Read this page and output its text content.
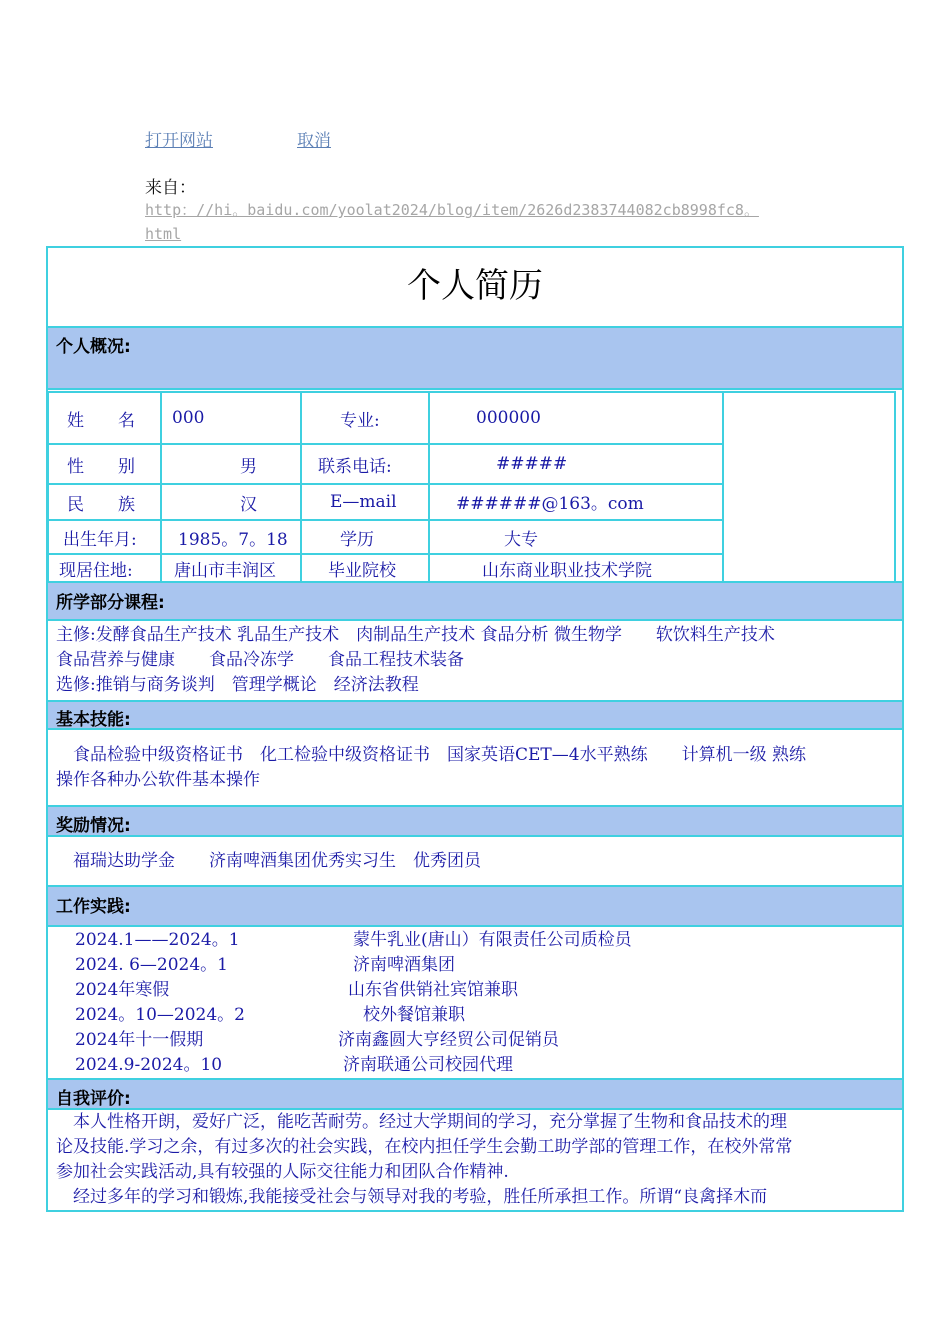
打开网站	取消
来自：
http：//hi。baidu.com/yoolat2024/blog/item/2626d2383744082cb8998fc8。
html
个人简历
个人概况:
姓　　名	000	专业:	000000
性　　别	男	联系电话:	#####
民　　族	汉	E—mail	######@163。com
出生年月:	1985。7。18	学历	大专
现居住地:	唐山市丰润区	毕业院校	山东商业职业技术学院
所学部分课程:
主修:发酵食品生产技术 乳品生产技术　肉制品生产技术 食品分析 微生物学　　软饮料生产技术
食品营养与健康　　食品冷冻学　　食品工程技术装备
选修:推销与商务谈判　管理学概论　经济法教程
基本技能:
　食品检验中级资格证书　化工检验中级资格证书　国家英语CET—4水平熟练　　计算机一级 熟练
操作各种办公软件基本操作
奖励情况:
　福瑞达助学金　　济南啤酒集团优秀实习生　优秀团员
工作实践:
2024.1——2024。1	蒙牛乳业(唐山）有限责任公司质检员
2024. 6—2024。1	济南啤酒集团
2024年寒假	山东省供销社宾馆兼职
2024。10—2024。2	校外餐馆兼职
2024年十一假期	济南鑫圆大亨经贸公司促销员
2024.9-2024。10	济南联通公司校园代理
自我评价:
　本人性格开朗，爱好广泛，能吃苦耐劳。经过大学期间的学习，充分掌握了生物和食品技术的理
论及技能.学习之余，有过多次的社会实践，在校内担任学生会勤工助学部的管理工作，在校外常常
参加社会实践活动,具有较强的人际交往能力和团队合作精神.
　经过多年的学习和锻炼,我能接受社会与领导对我的考验，胜任所承担工作。所谓“良禽择木而
